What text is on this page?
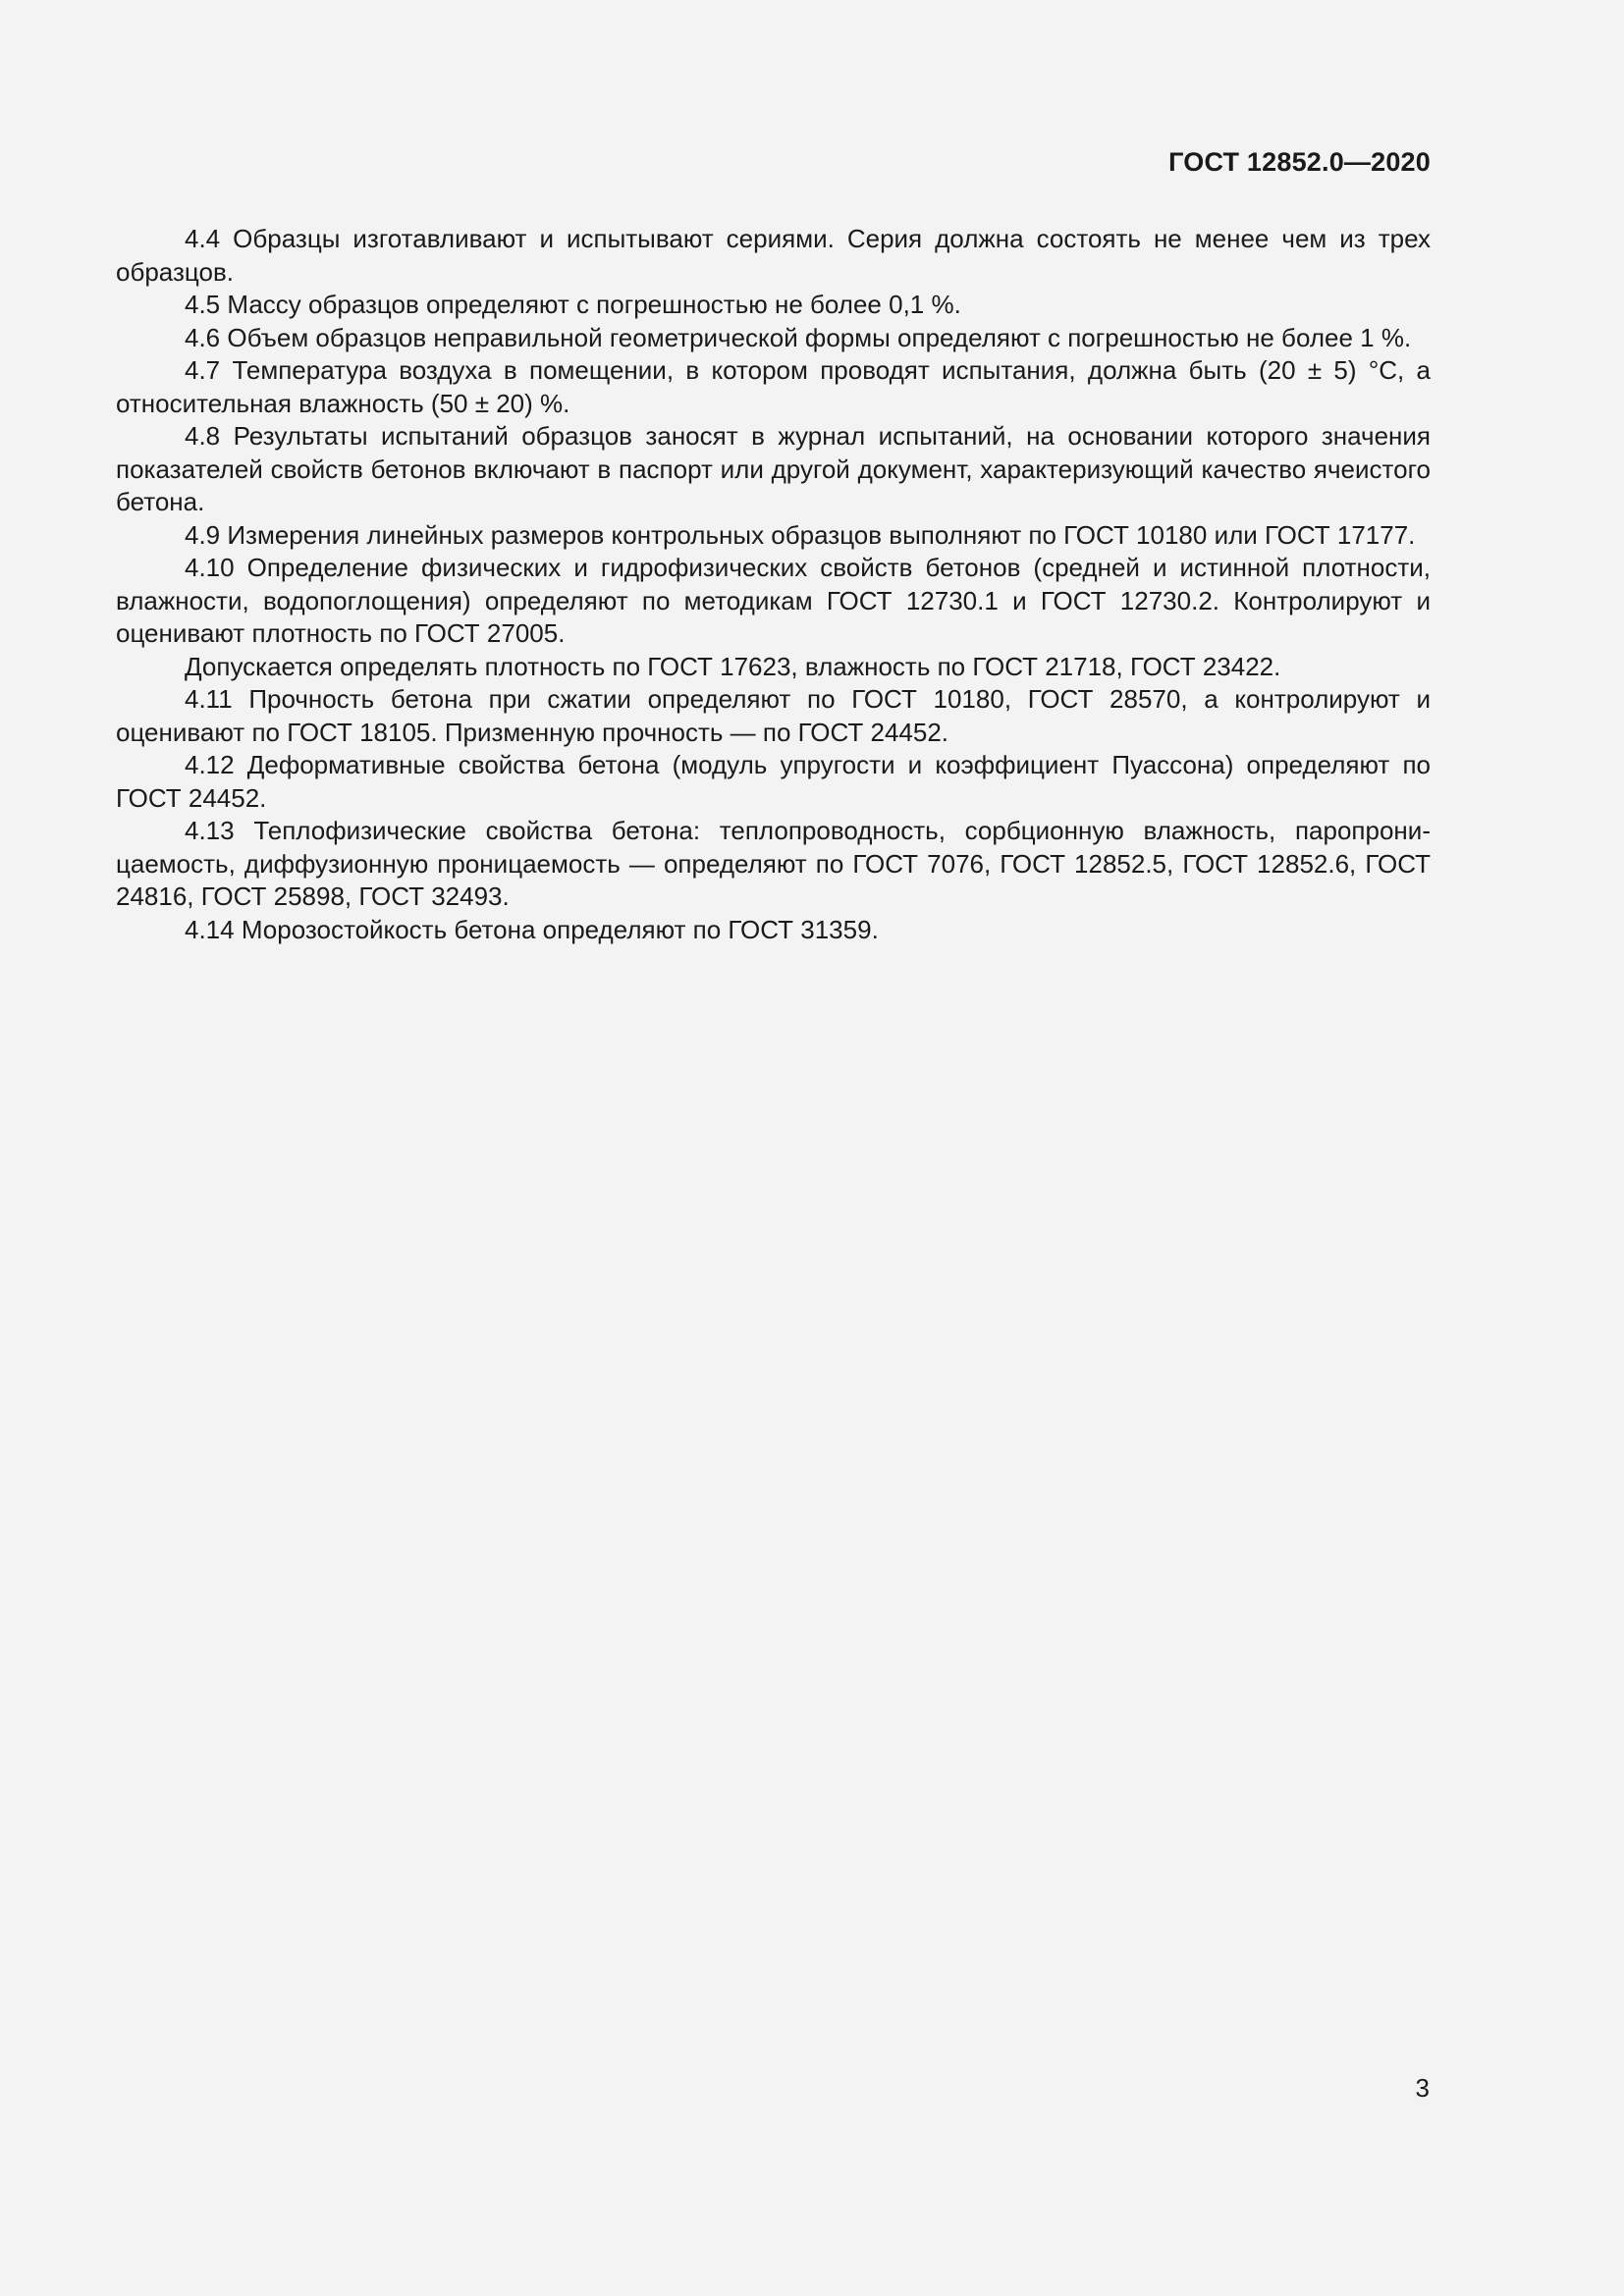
ГОСТ 12852.0—2020

4.4 Образцы изготавливают и испытывают сериями. Серия должна состоять не менее чем из трех образцов.

4.5 Массу образцов определяют с погрешностью не более 0,1 %.

4.6 Объем образцов неправильной геометрической формы определяют с погрешностью не более 1 %.

4.7 Температура воздуха в помещении, в котором проводят испытания, должна быть (20 ± 5) °С, а относительная влажность (50 ± 20) %.

4.8 Результаты испытаний образцов заносят в журнал испытаний, на основании которого значения показателей свойств бетонов включают в паспорт или другой документ, характеризующий качество ячеистого бетона.

4.9 Измерения линейных размеров контрольных образцов выполняют по ГОСТ 10180 или ГОСТ 17177.

4.10 Определение физических и гидрофизических свойств бетонов (средней и истинной плотности, влажности, водопоглощения) определяют по методикам ГОСТ 12730.1 и ГОСТ 12730.2. Контролируют и оценивают плотность по ГОСТ 27005.

Допускается определять плотность по ГОСТ 17623, влажность по ГОСТ 21718, ГОСТ 23422.

4.11 Прочность бетона при сжатии определяют по ГОСТ 10180, ГОСТ 28570, а контролируют и оценивают по ГОСТ 18105. Призменную прочность — по ГОСТ 24452.

4.12 Деформативные свойства бетона (модуль упругости и коэффициент Пуассона) определяют по ГОСТ 24452.

4.13 Теплофизические свойства бетона: теплопроводность, сорбционную влажность, паропроницаемость, диффузионную проницаемость — определяют по ГОСТ 7076, ГОСТ 12852.5, ГОСТ 12852.6, ГОСТ 24816, ГОСТ 25898, ГОСТ 32493.

4.14 Морозостойкость бетона определяют по ГОСТ 31359.

3
